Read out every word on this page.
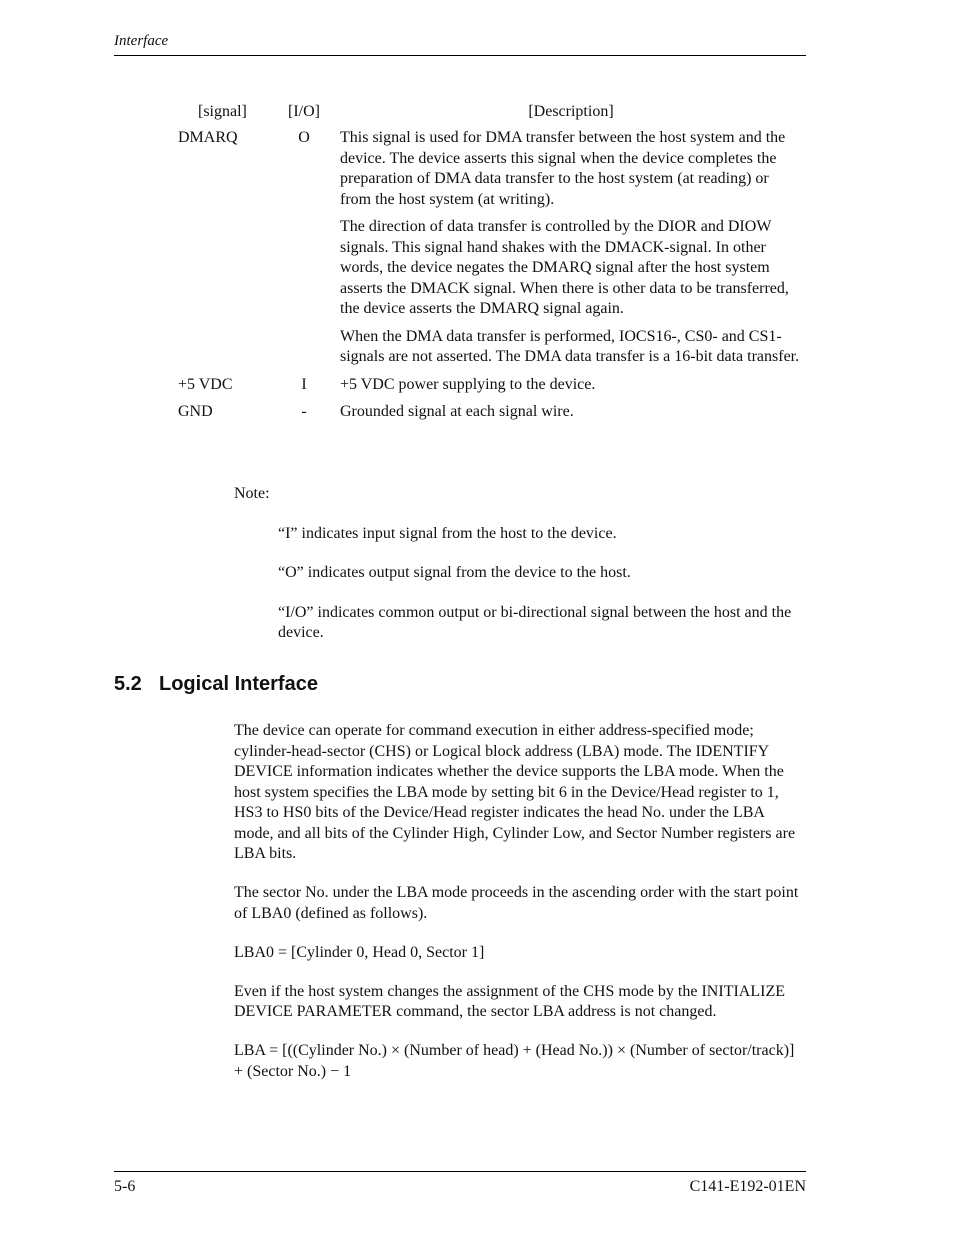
Interface
[signal]	[I/O]	[Description]
DMARQ	O	This signal is used for DMA transfer between the host system and the device. The device asserts this signal when the device completes the preparation of DMA data transfer to the host system (at reading) or from the host system (at writing).

The direction of data transfer is controlled by the DIOR and DIOW signals. This signal hand shakes with the DMACK-signal. In other words, the device negates the DMARQ signal after the host system asserts the DMACK signal. When there is other data to be transferred, the device asserts the DMARQ signal again.

When the DMA data transfer is performed, IOCS16-, CS0- and CS1- signals are not asserted. The DMA data transfer is a 16-bit data transfer.

+5 VDC	I	+5 VDC power supplying to the device.

GND	-	Grounded signal at each signal wire.

Note:

“I” indicates input signal from the host to the device.

“O” indicates output signal from the device to the host.

“I/O” indicates common output or bi-directional signal between the host and the device.

5.2 Logical Interface

The device can operate for command execution in either address-specified mode; cylinder-head-sector (CHS) or Logical block address (LBA) mode. The IDENTIFY DEVICE information indicates whether the device supports the LBA mode. When the host system specifies the LBA mode by setting bit 6 in the Device/Head register to 1, HS3 to HS0 bits of the Device/Head register indicates the head No. under the LBA mode, and all bits of the Cylinder High, Cylinder Low, and Sector Number registers are LBA bits.

The sector No. under the LBA mode proceeds in the ascending order with the start point of LBA0 (defined as follows).

LBA0 = [Cylinder 0, Head 0, Sector 1]

Even if the host system changes the assignment of the CHS mode by the INITIALIZE DEVICE PARAMETER command, the sector LBA address is not changed.

LBA = [((Cylinder No.) × (Number of head) + (Head No.)) × (Number of sector/track)] + (Sector No.) − 1

5-6	C141-E192-01EN
